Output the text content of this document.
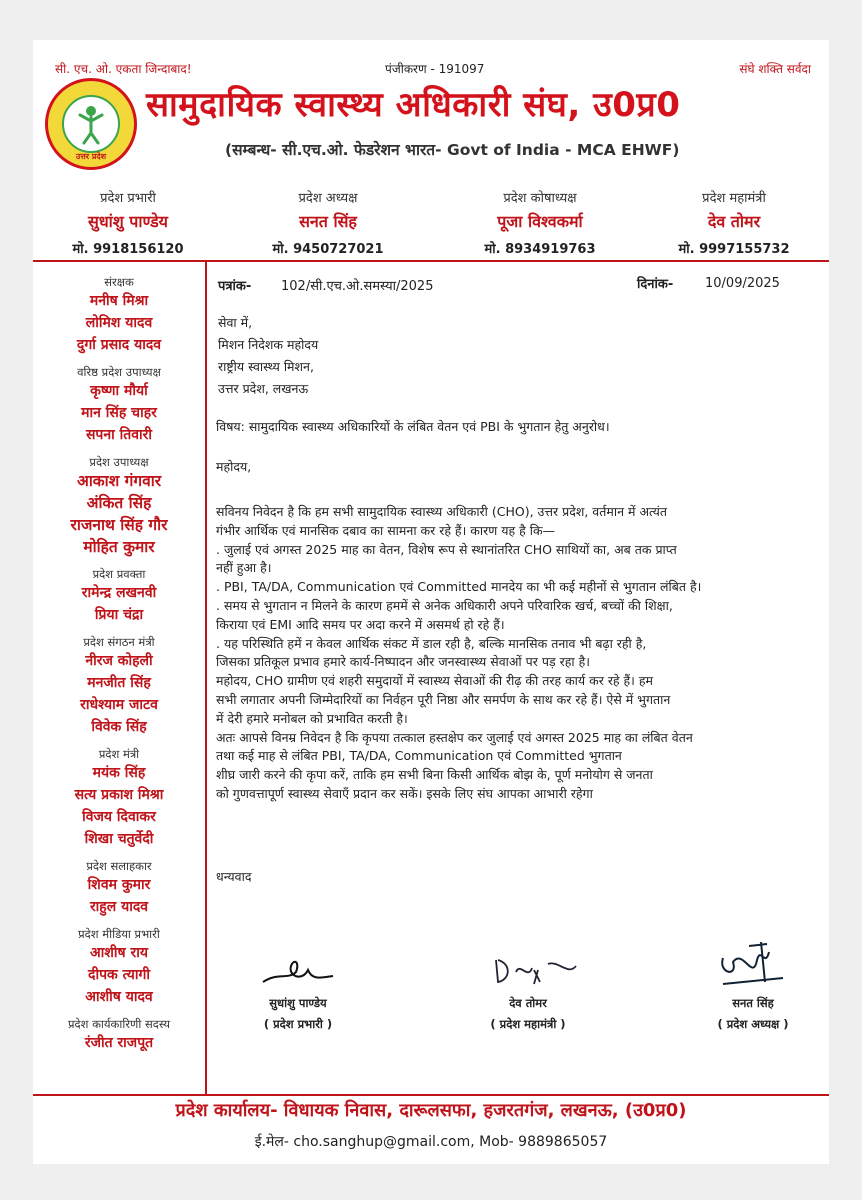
सी. एच. ओ. एकता जिन्दाबाद!	पंजीकरण - 191097	संघे शक्ति सर्वदा
उत्तर प्रदेश
सामुदायिक स्वास्थ्य अधिकारी संघ, उ0प्र0
(सम्बन्ध- सी.एच.ओ. फेडरेशन भारत- Govt of India - MCA EHWF)
प्रदेश प्रभारी
सुधांशु पाण्डेय
मो. 9918156120
प्रदेश अध्यक्ष
सनत सिंह
मो. 9450727021
प्रदेश कोषाध्यक्ष
पूजा विश्वकर्मा
मो. 8934919763
प्रदेश महामंत्री
देव तोमर
मो. 9997155732
संरक्षक
मनीष मिश्रा
लोमिश यादव
दुर्गा प्रसाद यादव
वरिष्ठ प्रदेश उपाध्यक्ष
कृष्णा मौर्या
मान सिंह चाहर
सपना तिवारी
प्रदेश उपाध्यक्ष
आकाश गंगवार
अंकित सिंह
राजनाथ सिंह गौर
मोहित कुमार
प्रदेश प्रवक्ता
रामेन्द्र लखनवी
प्रिया चंद्रा
प्रदेश संगठन मंत्री
नीरज कोहली
मनजीत सिंह
राधेश्याम जाटव
विवेक सिंह
प्रदेश मंत्री
मयंक सिंह
सत्य प्रकाश मिश्रा
विजय दिवाकर
शिखा चतुर्वेदी
प्रदेश सलाहकार
शिवम कुमार
राहुल यादव
प्रदेश मीडिया प्रभारी
आशीष राय
दीपक त्यागी
आशीष यादव
प्रदेश कार्यकारिणी सदस्य
रंजीत राजपूत
पत्रांक- 102/सी.एच.ओ.समस्या/2025	दिनांक- 10/09/2025
सेवा में,
मिशन निदेशक महोदय
राष्ट्रीय स्वास्थ्य मिशन,
उत्तर प्रदेश, लखनऊ
विषय: सामुदायिक स्वास्थ्य अधिकारियों के लंबित वेतन एवं PBI के भुगतान हेतु अनुरोध।
महोदय,
सविनय निवेदन है कि हम सभी सामुदायिक स्वास्थ्य अधिकारी (CHO), उत्तर प्रदेश, वर्तमान में अत्यंत
गंभीर आर्थिक एवं मानसिक दबाव का सामना कर रहे हैं। कारण यह है कि—
. जुलाई एवं अगस्त 2025 माह का वेतन, विशेष रूप से स्थानांतरित CHO साथियों का, अब तक प्राप्त
नहीं हुआ है।
. PBI, TA/DA, Communication एवं Committed मानदेय का भी कई महीनों से भुगतान लंबित है।
. समय से भुगतान न मिलने के कारण हममें से अनेक अधिकारी अपने परिवारिक खर्च, बच्चों की शिक्षा,
किराया एवं EMI आदि समय पर अदा करने में असमर्थ हो रहे हैं।
. यह परिस्थिति हमें न केवल आर्थिक संकट में डाल रही है, बल्कि मानसिक तनाव भी बढ़ा रही है,
जिसका प्रतिकूल प्रभाव हमारे कार्य-निष्पादन और जनस्वास्थ्य सेवाओं पर पड़ रहा है।
महोदय, CHO ग्रामीण एवं शहरी समुदायों में स्वास्थ्य सेवाओं की रीढ़ की तरह कार्य कर रहे हैं। हम
सभी लगातार अपनी जिम्मेदारियों का निर्वहन पूरी निष्ठा और समर्पण के साथ कर रहे हैं। ऐसे में भुगतान
में देरी हमारे मनोबल को प्रभावित करती है।
अतः आपसे विनम्र निवेदन है कि कृपया तत्काल हस्तक्षेप कर जुलाई एवं अगस्त 2025 माह का लंबित वेतन
तथा कई माह से लंबित PBI, TA/DA, Communication एवं Committed भुगतान
शीघ्र जारी करने की कृपा करें, ताकि हम सभी बिना किसी आर्थिक बोझ के, पूर्ण मनोयोग से जनता
को गुणवत्तापूर्ण स्वास्थ्य सेवाएँ प्रदान कर सकें। इसके लिए संघ आपका आभारी रहेगा
धन्यवाद
सुधांशु पाण्डेय
( प्रदेश प्रभारी )
देव तोमर
( प्रदेश महामंत्री )
सनत सिंह
( प्रदेश अध्यक्ष )
प्रदेश कार्यालय- विधायक निवास, दारूलसफा, हजरतगंज, लखनऊ, (उ0प्र0)
ई.मेल- cho.sanghup@gmail.com, Mob- 9889865057
